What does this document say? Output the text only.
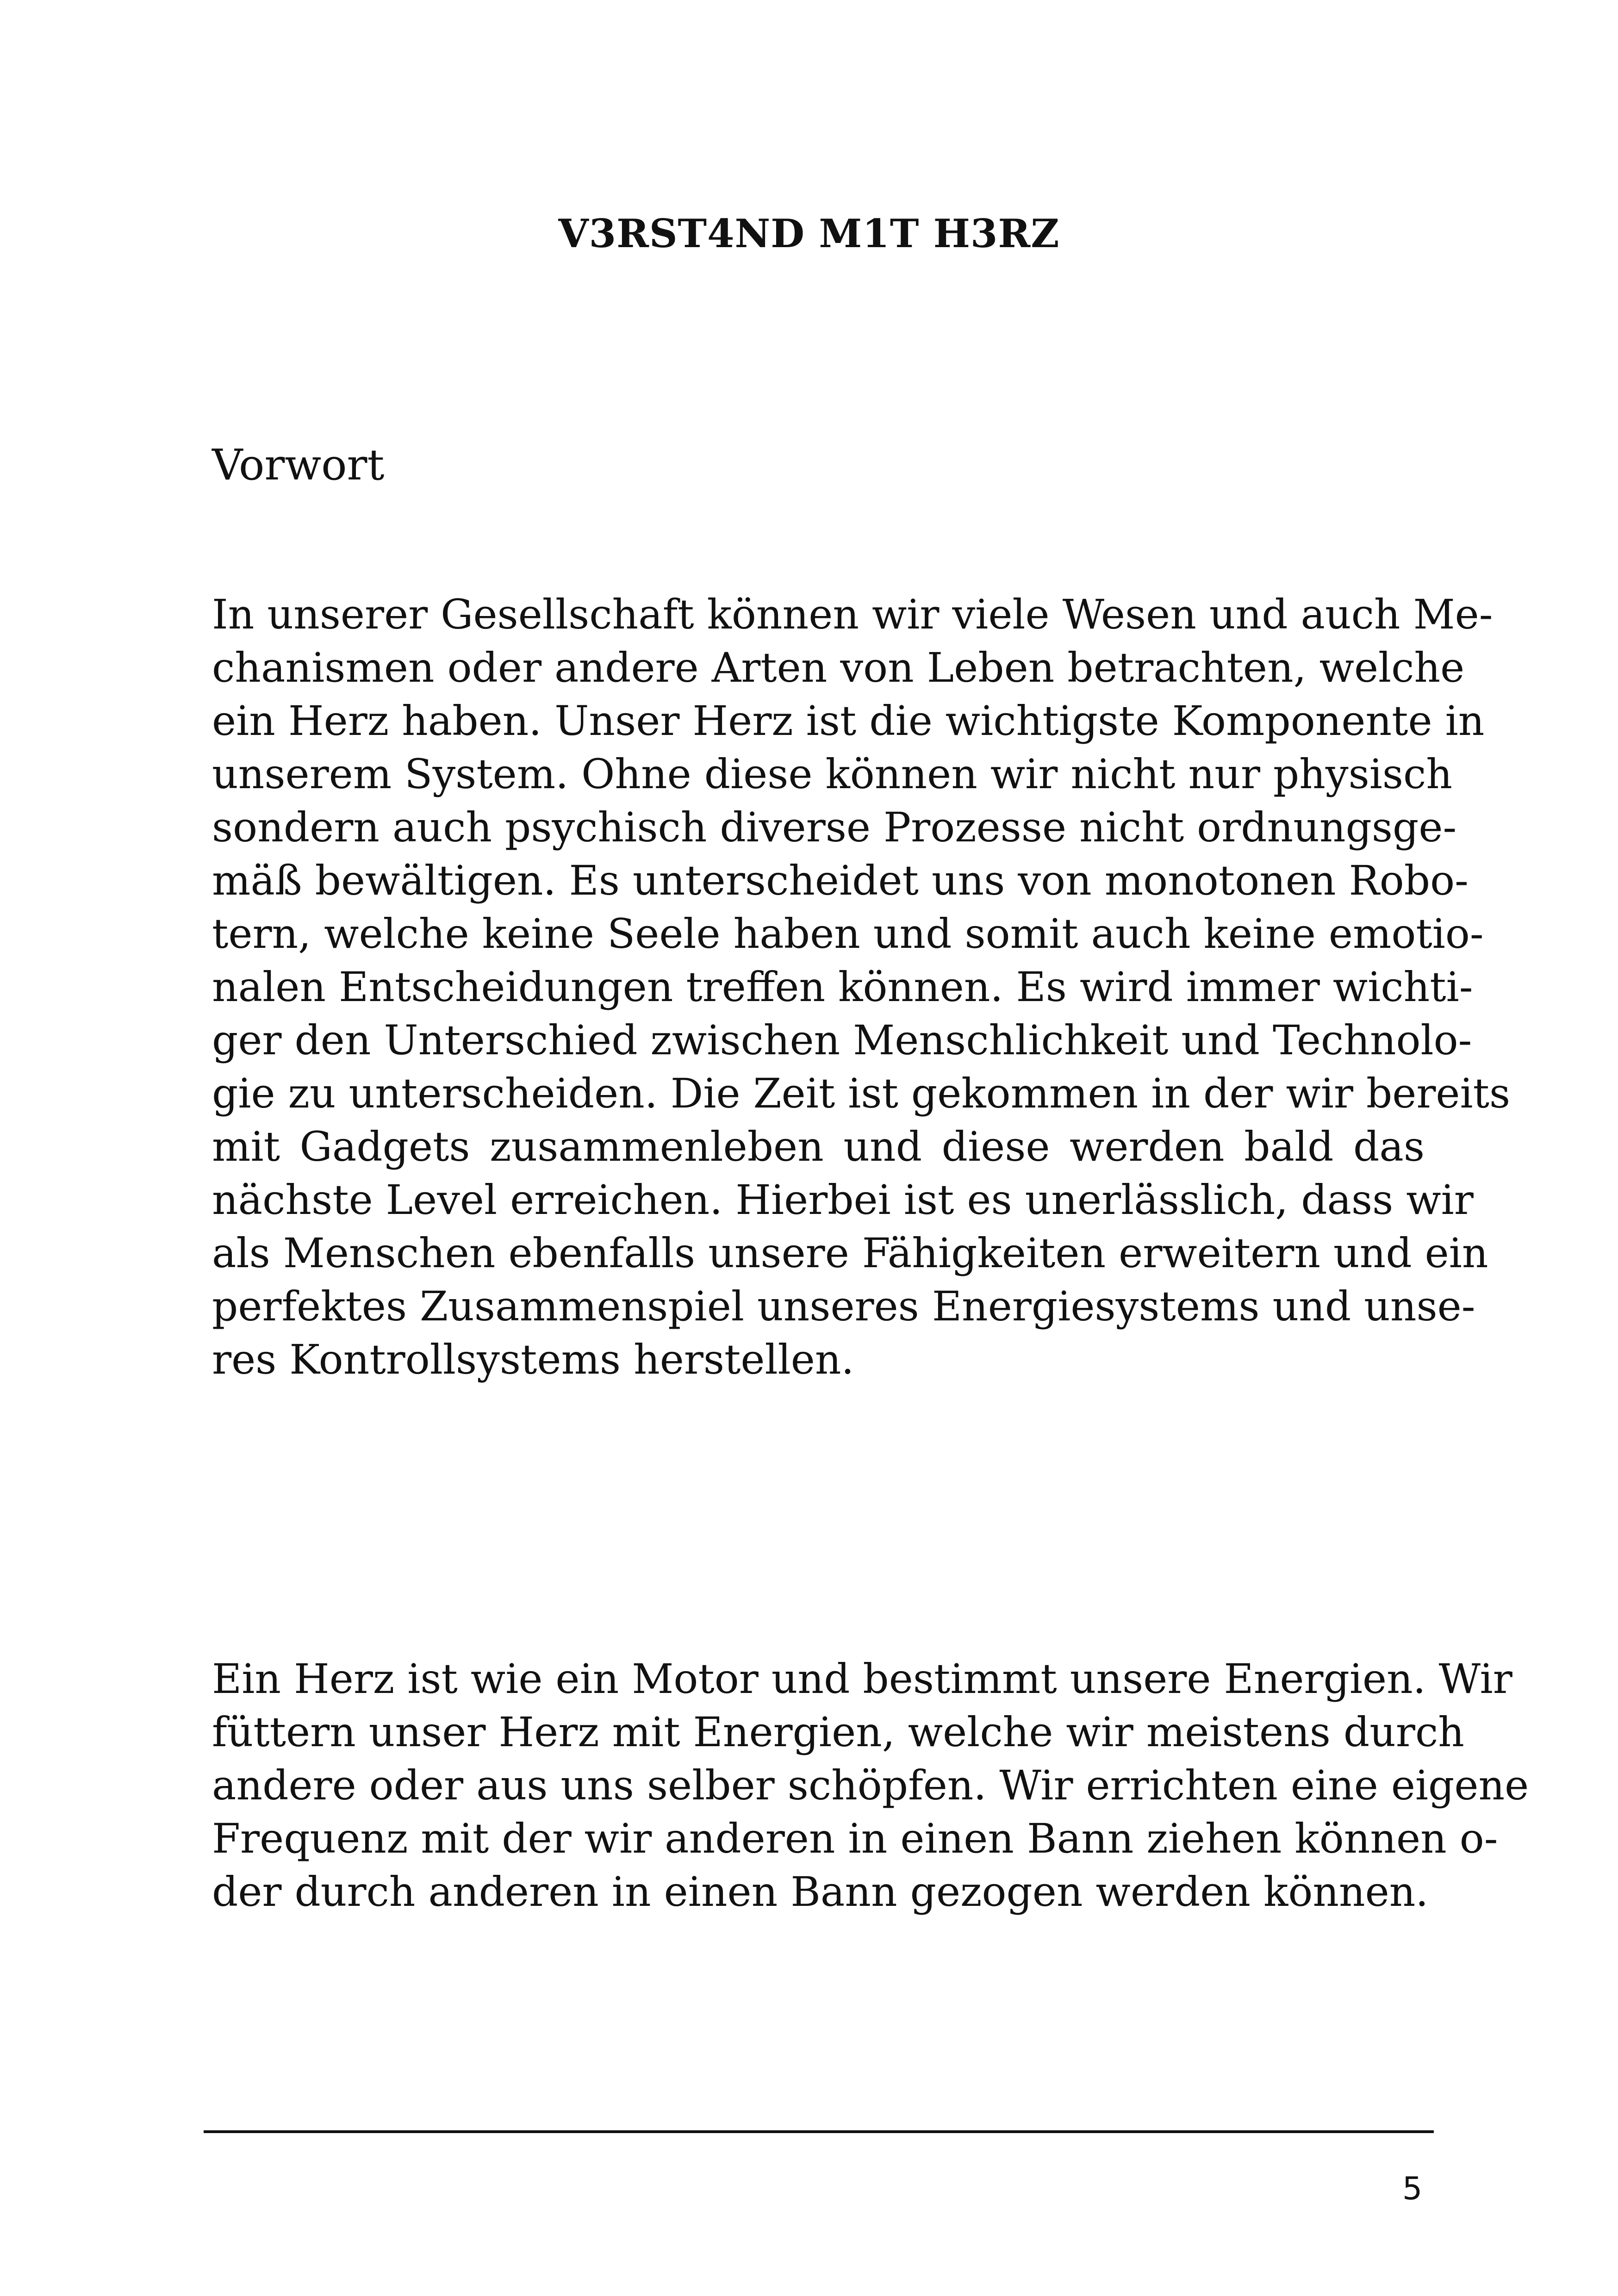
V3RST4ND M1T H3RZ
Vorwort
In unserer Gesellschaft können wir viele Wesen und auch Me-
chanismen oder andere Arten von Leben betrachten, welche
ein Herz haben. Unser Herz ist die wichtigste Komponente in
unserem System. Ohne diese können wir nicht nur physisch
sondern auch psychisch diverse Prozesse nicht ordnungsge-
mäß bewältigen. Es unterscheidet uns von monotonen Robo-
tern, welche keine Seele haben und somit auch keine emotio-
nalen Entscheidungen treffen können. Es wird immer wichti-
ger den Unterschied zwischen Menschlichkeit und Technolo-
gie zu unterscheiden. Die Zeit ist gekommen in der wir bereits
mit Gadgets zusammenleben und diese werden bald das
nächste Level erreichen. Hierbei ist es unerlässlich, dass wir
als Menschen ebenfalls unsere Fähigkeiten erweitern und ein
perfektes Zusammenspiel unseres Energiesystems und unse-
res Kontrollsystems herstellen.
Ein Herz ist wie ein Motor und bestimmt unsere Energien. Wir
füttern unser Herz mit Energien, welche wir meistens durch
andere oder aus uns selber schöpfen. Wir errichten eine eigene
Frequenz mit der wir anderen in einen Bann ziehen können o-
der durch anderen in einen Bann gezogen werden können.
5
